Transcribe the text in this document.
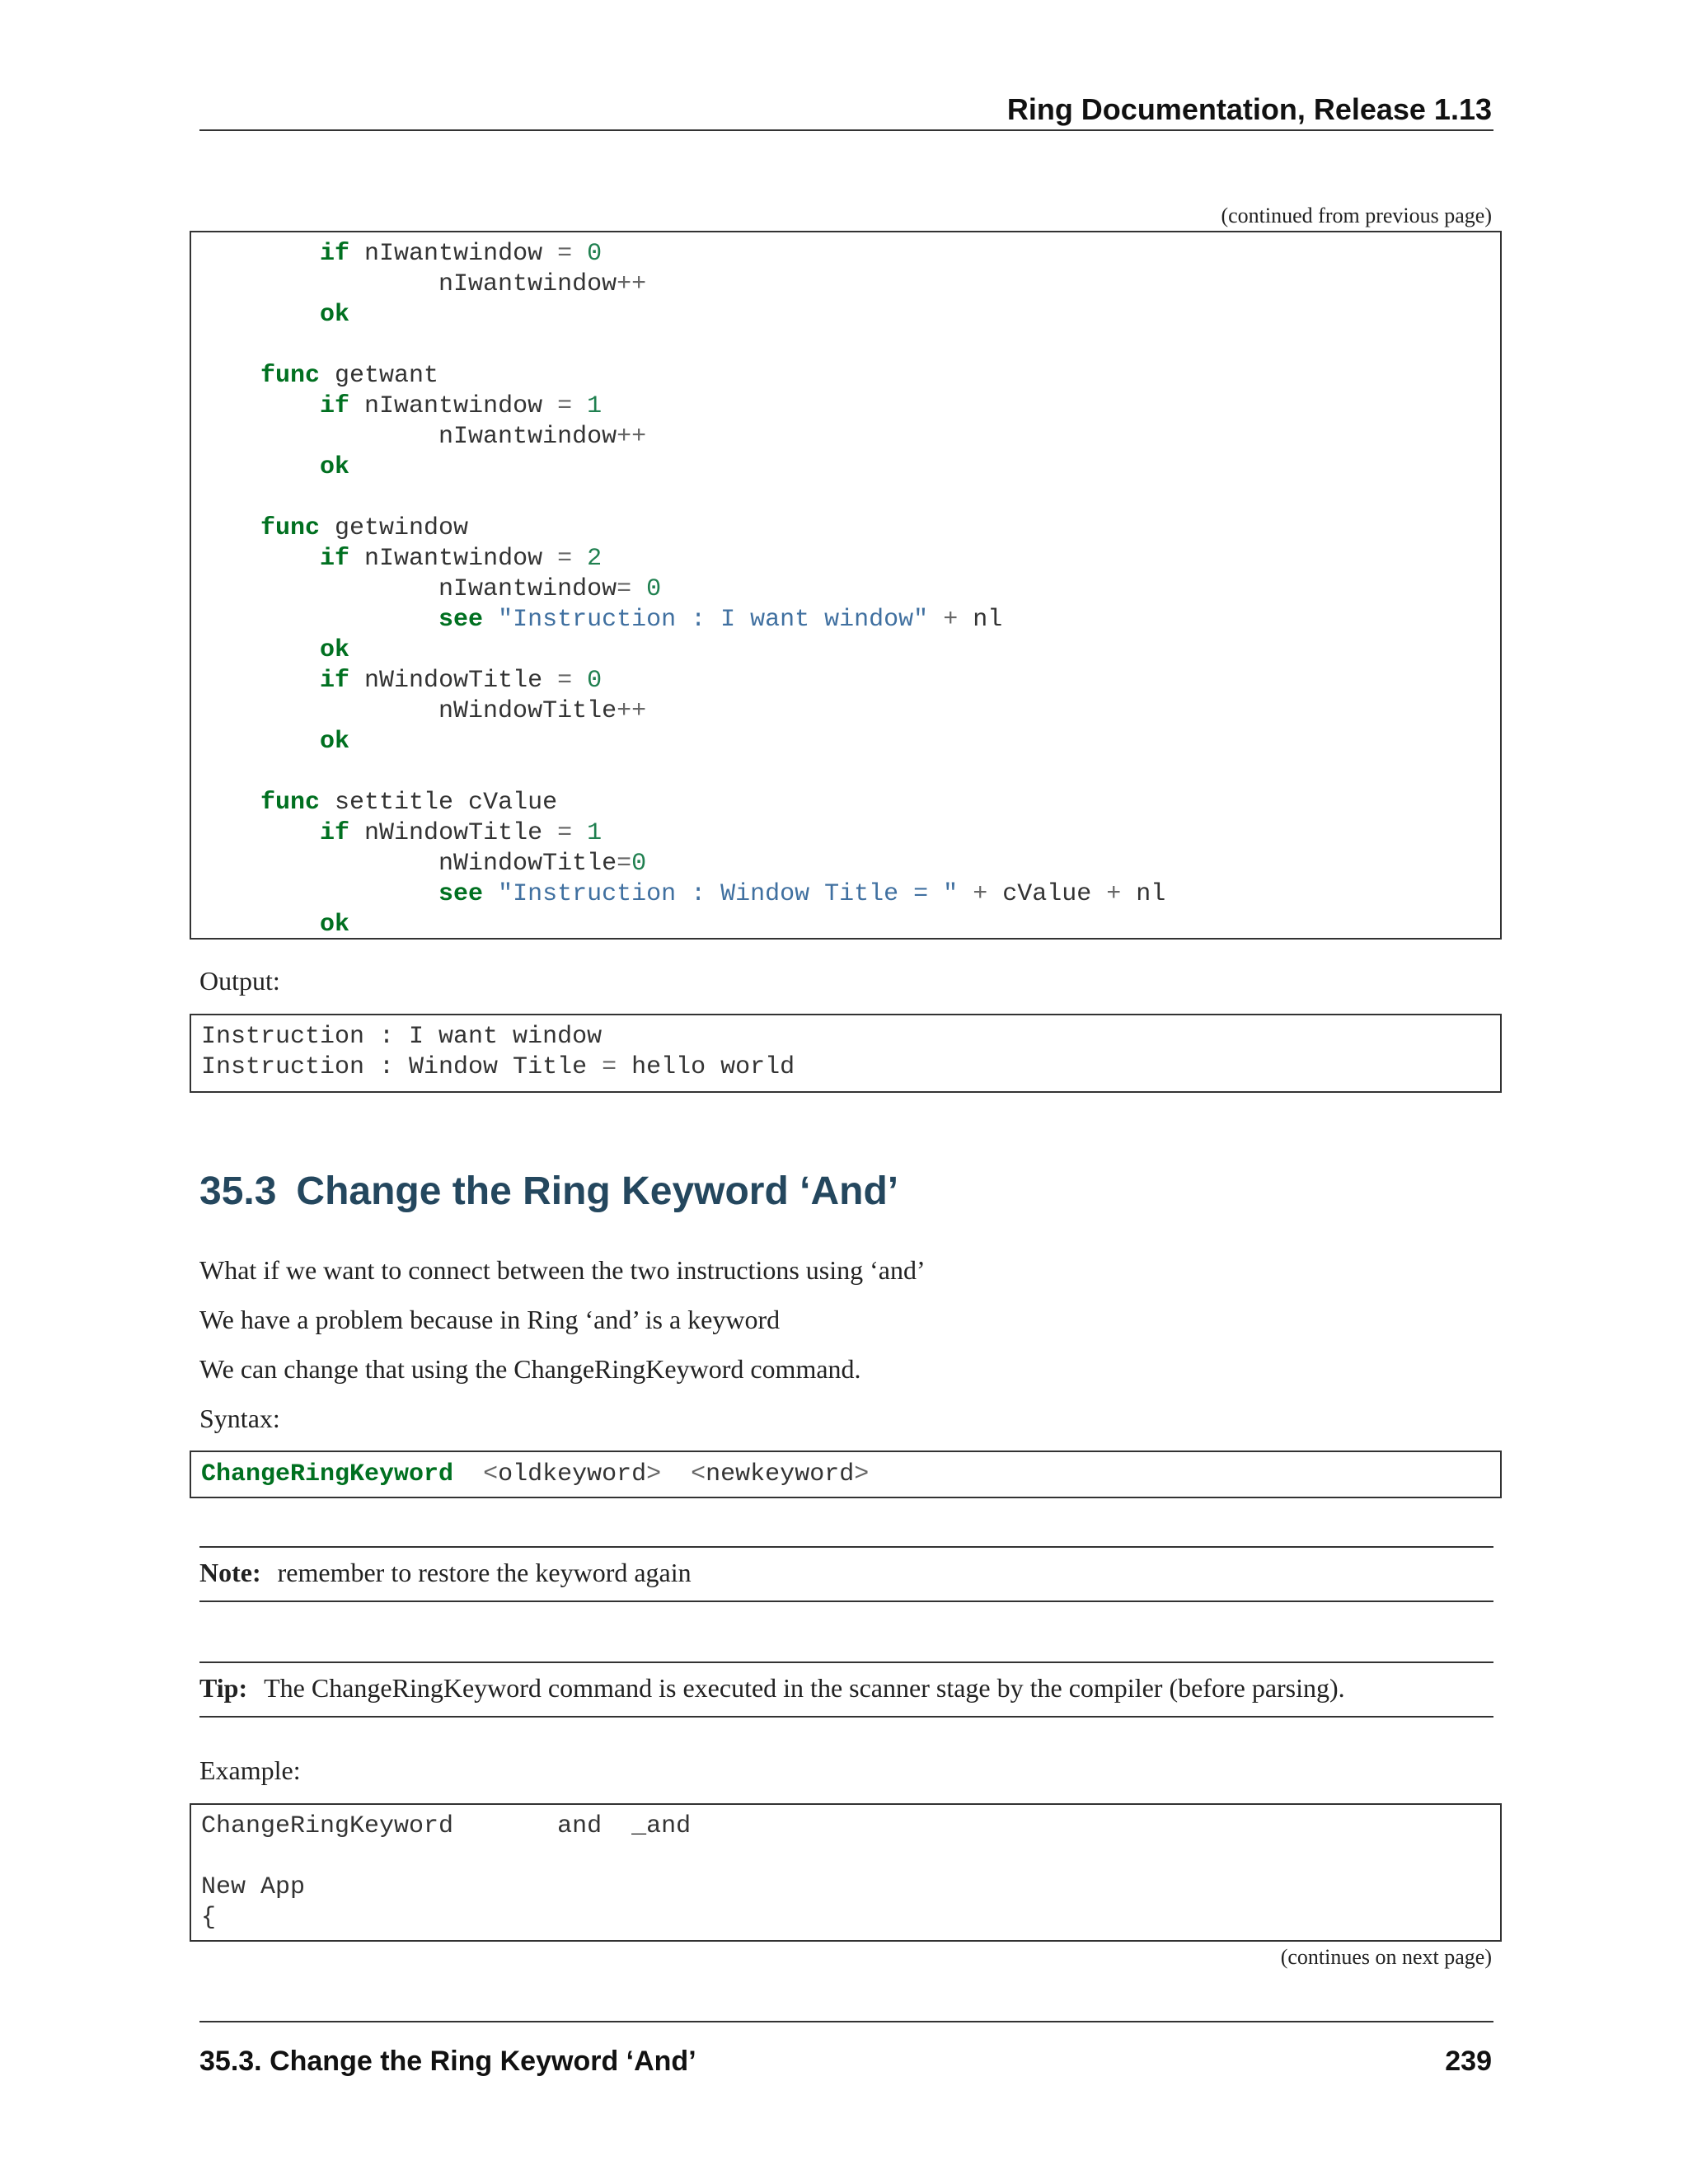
Ring Documentation, Release 1.13
(continued from previous page)
if nIwantwindow = 0
nIwantwindow++
ok

func getwant
if nIwantwindow = 1
nIwantwindow++
ok

func getwindow
if nIwantwindow = 2
nIwantwindow= 0
see "Instruction : I want window" + nl
ok
if nWindowTitle = 0
nWindowTitle++
ok

func settitle cValue
if nWindowTitle = 1
nWindowTitle=0
see "Instruction : Window Title = " + cValue + nl
ok
Output:
Instruction : I want window
Instruction : Window Title = hello world
35.3 Change the Ring Keyword ‘And’
What if we want to connect between the two instructions using ‘and’
We have a problem because in Ring ‘and’ is a keyword
We can change that using the ChangeRingKeyword command.
Syntax:
ChangeRingKeyword <oldkeyword> <newkeyword>
Note: remember to restore the keyword again
Tip: The ChangeRingKeyword command is executed in the scanner stage by the compiler (before parsing).
Example:
ChangeRingKeyword       and  _and

New App
{
(continues on next page)
35.3. Change the Ring Keyword ‘And’	239
